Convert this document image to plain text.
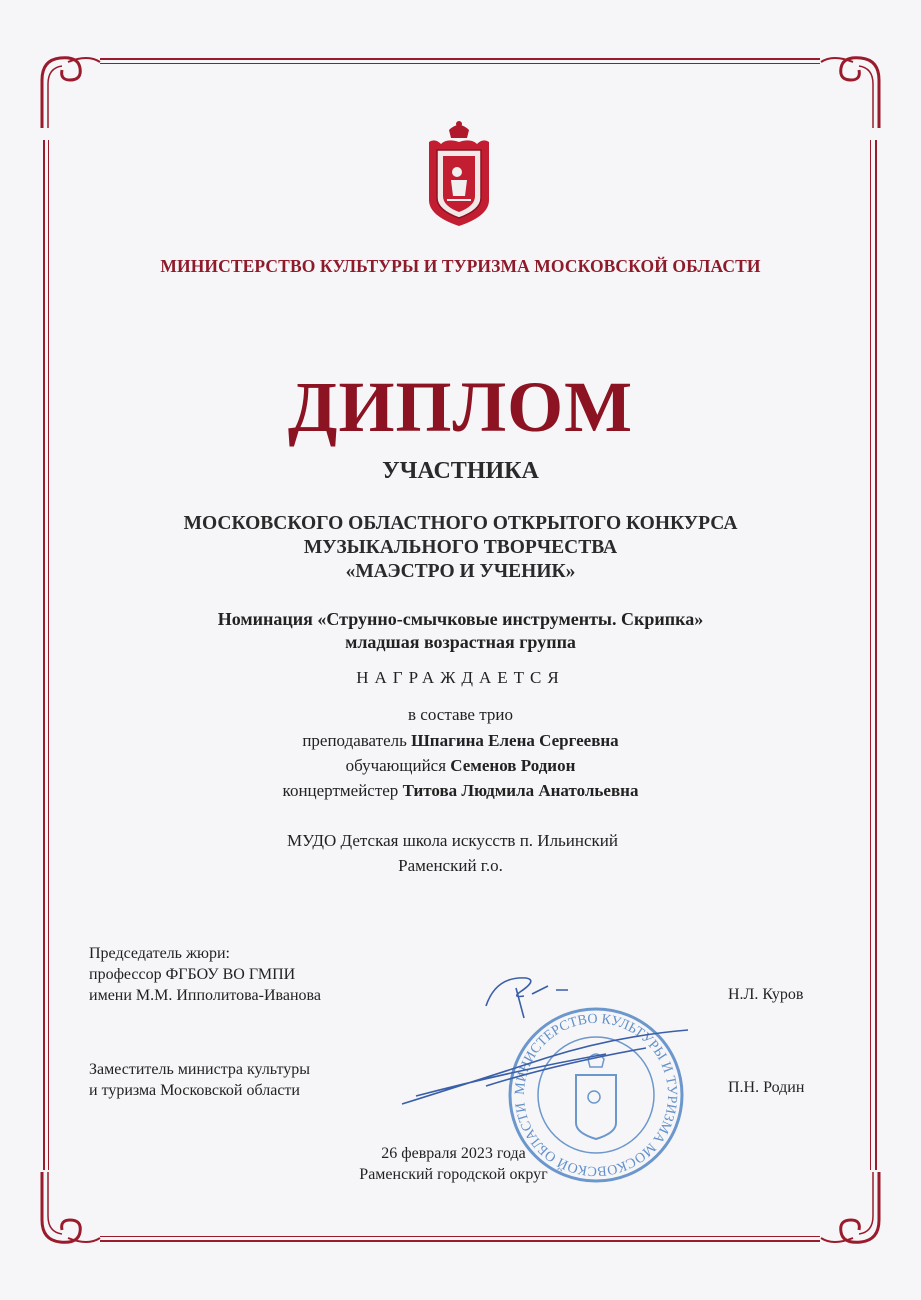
МИНИСТЕРСТВО КУЛЬТУРЫ И ТУРИЗМА МОСКОВСКОЙ ОБЛАСТИ
ДИПЛОМ
УЧАСТНИКА
МОСКОВСКОГО ОБЛАСТНОГО ОТКРЫТОГО КОНКУРСА
МУЗЫКАЛЬНОГО ТВОРЧЕСТВА
«МАЭСТРО И УЧЕНИК»
Номинация «Струнно-смычковые инструменты. Скрипка»
младшая возрастная группа
НАГРАЖДАЕТСЯ
в составе трио
преподаватель Шпагина Елена Сергеевна
обучающийся Семенов Родион
концертмейстер Титова Людмила Анатольевна
МУДО Детская школа искусств п. Ильинский
Раменский г.о.
Председатель жюри:
профессор ФГБОУ ВО ГМПИ
имени М.М. Ипполитова-Иванова	Н.Л. Куров
Заместитель министра культуры
и туризма Московской области	П.Н. Родин
МИНИСТЕРСТВО КУЛЬТУРЫ И ТУРИЗМА МОСКОВСКОЙ ОБЛАСТИ
26 февраля 2023 года
Раменский городской округ
